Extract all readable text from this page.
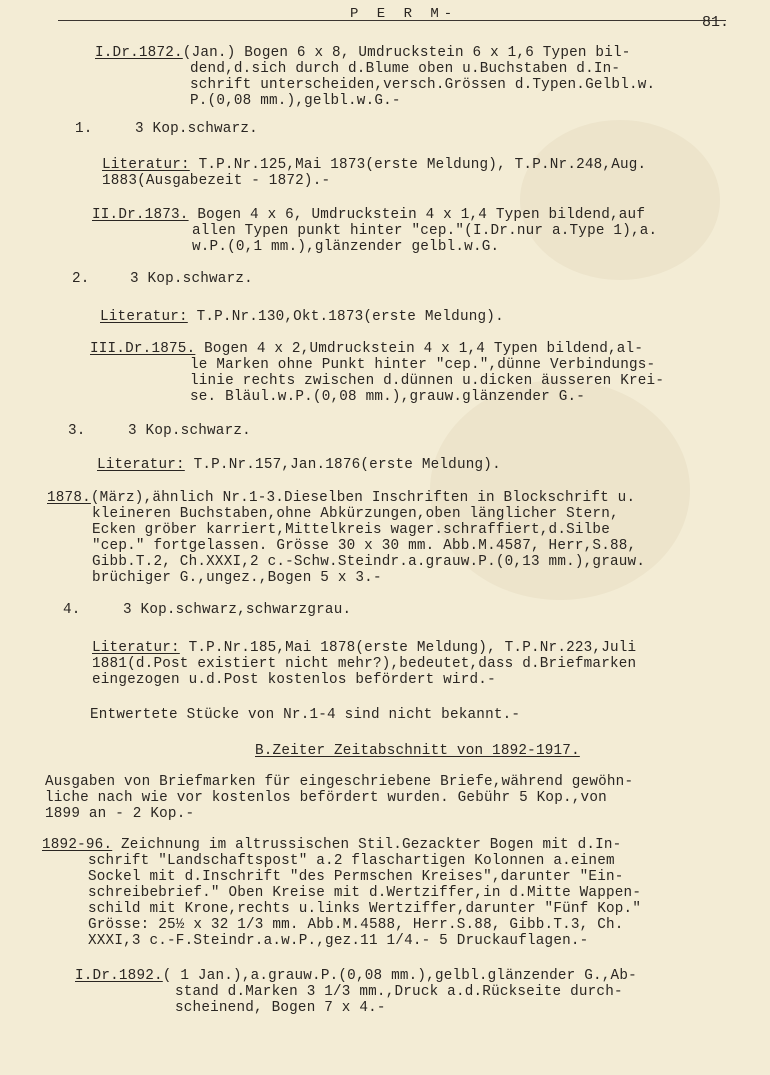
P E R M-	81.
I.Dr.1872.(Jan.) Bogen 6 x 8, Umdruckstein 6 x 1,6 Typen bil-
dend,d.sich durch d.Blume oben u.Buchstaben d.In-
schrift unterscheiden,versch.Grössen d.Typen.Gelbl.w.
P.(0,08 mm.),gelbl.w.G.-
1.	3 Kop.schwarz.
Literatur: T.P.Nr.125,Mai 1873(erste Meldung), T.P.Nr.248,Aug.
1883(Ausgabezeit - 1872).-
II.Dr.1873. Bogen 4 x 6, Umdruckstein 4 x 1,4 Typen bildend,auf
allen Typen punkt hinter "cep."(I.Dr.nur a.Type 1),a.
w.P.(0,1 mm.),glänzender gelbl.w.G.
2.	3 Kop.schwarz.
Literatur: T.P.Nr.130,Okt.1873(erste Meldung).
III.Dr.1875. Bogen 4 x 2,Umdruckstein 4 x 1,4 Typen bildend,al-
le Marken ohne Punkt hinter "cep.",dünne Verbindungs-
linie rechts zwischen d.dünnen u.dicken äusseren Krei-
se. Bläul.w.P.(0,08 mm.),grauw.glänzender G.-
3.	3 Kop.schwarz.
Literatur: T.P.Nr.157,Jan.1876(erste Meldung).
1878.(März),ähnlich Nr.1-3.Dieselben Inschriften in Blockschrift u.
kleineren Buchstaben,ohne Abkürzungen,oben länglicher Stern,
Ecken gröber karriert,Mittelkreis wager.schraffiert,d.Silbe
"cep." fortgelassen. Grösse 30 x 30 mm. Abb.M.4587, Herr,S.88,
Gibb.T.2, Ch.XXXI,2 c.-Schw.Steindr.a.grauw.P.(0,13 mm.),grauw.
brüchiger G.,ungez.,Bogen 5 x 3.-
4.	3 Kop.schwarz,schwarzgrau.
Literatur: T.P.Nr.185,Mai 1878(erste Meldung), T.P.Nr.223,Juli
1881(d.Post existiert nicht mehr?),bedeutet,dass d.Briefmarken
eingezogen u.d.Post kostenlos befördert wird.-
Entwertete Stücke von Nr.1-4 sind nicht bekannt.-
B.Zeiter Zeitabschnitt von 1892-1917.
Ausgaben von Briefmarken für eingeschriebene Briefe,während gewöhn-
liche nach wie vor kostenlos befördert wurden. Gebühr 5 Kop.,von
1899 an - 2 Kop.-
1892-96. Zeichnung im altrussischen Stil.Gezackter Bogen mit d.In-
schrift "Landschaftspost" a.2 flaschartigen Kolonnen a.einem
Sockel mit d.Inschrift "des Permschen Kreises",darunter "Ein-
schreibebrief." Oben Kreise mit d.Wertziffer,in d.Mitte Wappen-
schild mit Krone,rechts u.links Wertziffer,darunter "Fünf Kop."
Grösse: 25½ x 32 1/3 mm. Abb.M.4588, Herr.S.88, Gibb.T.3, Ch.
XXXI,3 c.-F.Steindr.a.w.P.,gez.11 1/4.- 5 Druckauflagen.-
I.Dr.1892.( 1 Jan.),a.grauw.P.(0,08 mm.),gelbl.glänzender G.,Ab-
stand d.Marken 3 1/3 mm.,Druck a.d.Rückseite durch-
scheinend, Bogen 7 x 4.-
